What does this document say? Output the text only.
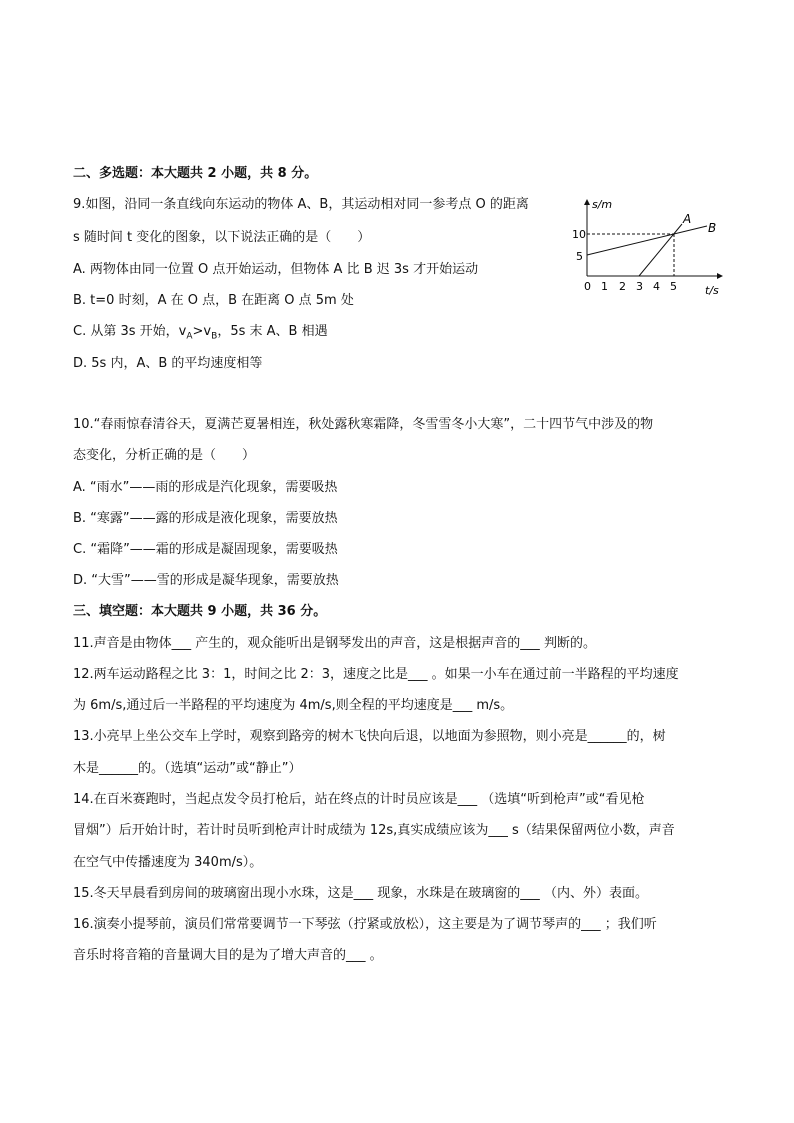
二、多选题：本大题共 2 小题，共 8 分。
9.如图，沿同一条直线向东运动的物体 A、B，其运动相对同一参考点 O 的距离
s 随时间 t 变化的图象，以下说法正确的是（　　）
A. 两物体由同一位置 O 点开始运动，但物体 A 比 B 迟 3s 才开始运动
B. t=0 时刻，A 在 O 点，B 在距离 O 点 5m 处
C. 从第 3s 开始，$v_A>v_B$，5s 末 A、B 相遇
D. 5s 内，A、B 的平均速度相等
s/m
t/s
10
5
0 1 2 3 4 5
A
B
10.“春雨惊春清谷天，夏满芒夏暑相连，秋处露秋寒霜降，冬雪雪冬小大寒”，二十四节气中涉及的物
态变化，分析正确的是（　　）
A. “雨水”——雨的形成是汽化现象，需要吸热
B. “寒露”——露的形成是液化现象，需要放热
C. “霜降”——霜的形成是凝固现象，需要吸热
D. “大雪”——雪的形成是凝华现象，需要放热
三、填空题：本大题共 9 小题，共 36 分。
11.声音是由物体___ 产生的，观众能听出是钢琴发出的声音，这是根据声音的___ 判断的。
12.两车运动路程之比 3：1，时间之比 2：3，速度之比是___ 。如果一小车在通过前一半路程的平均速度
为 6m/s,通过后一半路程的平均速度为 4m/s,则全程的平均速度是___ m/s。
13.小亮早上坐公交车上学时，观察到路旁的树木飞快向后退，以地面为参照物，则小亮是______的，树
木是______的。（选填“运动”或“静止”）
14.在百米赛跑时，当起点发令员打枪后，站在终点的计时员应该是___ （选填“听到枪声”或“看见枪
冒烟”）后开始计时，若计时员听到枪声计时成绩为 12s,真实成绩应该为___ s（结果保留两位小数，声音
在空气中传播速度为 340m/s）。
15.冬天早晨看到房间的玻璃窗出现小水珠，这是___ 现象，水珠是在玻璃窗的___ （内、外）表面。
16.演奏小提琴前，演员们常常要调节一下琴弦（拧紧或放松），这主要是为了调节琴声的___ ；我们听
音乐时将音箱的音量调大目的是为了增大声音的___ 。
